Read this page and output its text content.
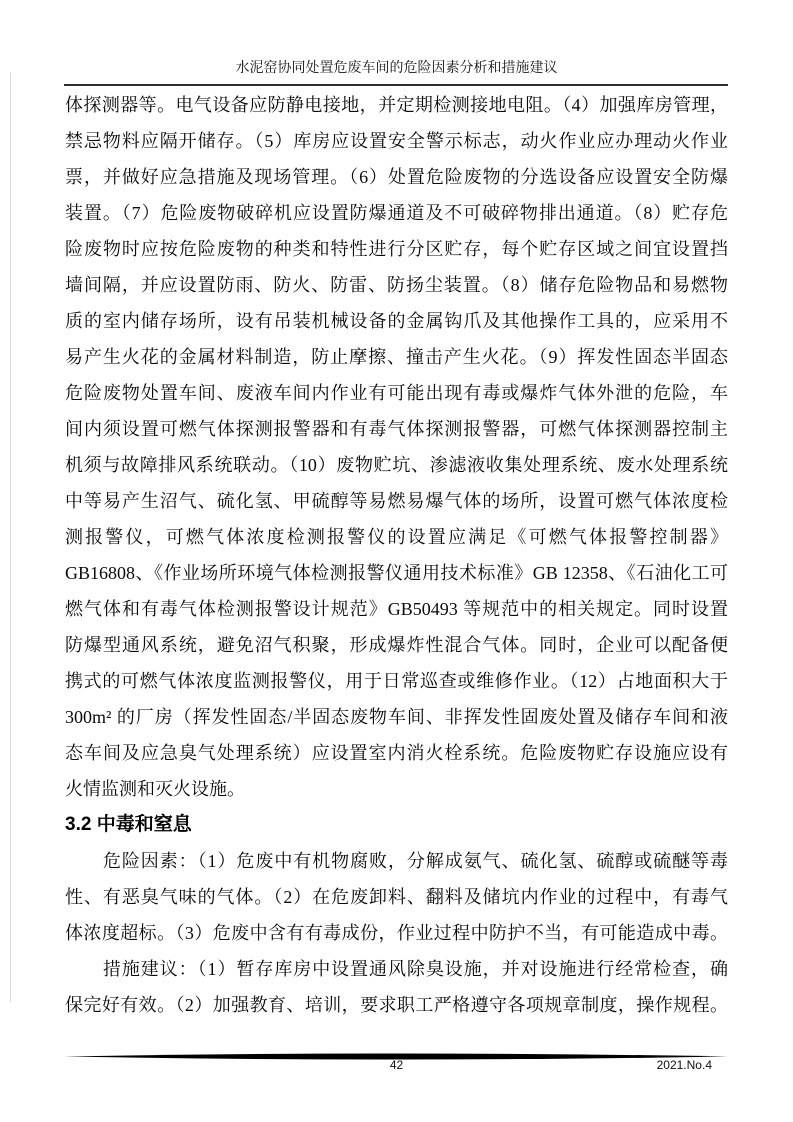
水泥窑协同处置危废车间的危险因素分析和措施建议
体探测器等。电气设备应防静电接地，并定期检测接地电阻。（4）加强库房管理，
禁忌物料应隔开储存。（5）库房应设置安全警示标志，动火作业应办理动火作业
票，并做好应急措施及现场管理。（6）处置危险废物的分选设备应设置安全防爆
装置。（7）危险废物破碎机应设置防爆通道及不可破碎物排出通道。（8）贮存危
险废物时应按危险废物的种类和特性进行分区贮存，每个贮存区域之间宜设置挡
墙间隔，并应设置防雨、防火、防雷、防扬尘装置。（8）储存危险物品和易燃物
质的室内储存场所，设有吊装机械设备的金属钩爪及其他操作工具的，应采用不
易产生火花的金属材料制造，防止摩擦、撞击产生火花。（9）挥发性固态半固态
危险废物处置车间、废液车间内作业有可能出现有毒或爆炸气体外泄的危险，车
间内须设置可燃气体探测报警器和有毒气体探测报警器，可燃气体探测器控制主
机须与故障排风系统联动。（10）废物贮坑、渗滤液收集处理系统、废水处理系统
中等易产生沼气、硫化氢、甲硫醇等易燃易爆气体的场所，设置可燃气体浓度检
测报警仪，可燃气体浓度检测报警仪的设置应满足《可燃气体报警控制器》
GB16808、《作业场所环境气体检测报警仪通用技术标准》GB 12358、《石油化工可
燃气体和有毒气体检测报警设计规范》GB50493 等规范中的相关规定。同时设置
防爆型通风系统，避免沼气积聚，形成爆炸性混合气体。同时，企业可以配备便
携式的可燃气体浓度监测报警仪，用于日常巡查或维修作业。（12）占地面积大于
300m² 的厂房（挥发性固态/半固态废物车间、非挥发性固废处置及储存车间和液
态车间及应急臭气处理系统）应设置室内消火栓系统。危险废物贮存设施应设有
火情监测和灭火设施。
3.2 中毒和窒息
　　危险因素：（1）危废中有机物腐败，分解成氨气、硫化氢、硫醇或硫醚等毒
性、有恶臭气味的气体。（2）在危废卸料、翻料及储坑内作业的过程中，有毒气
体浓度超标。（3）危废中含有有毒成份，作业过程中防护不当，有可能造成中毒。
　　措施建议：（1）暂存库房中设置通风除臭设施，并对设施进行经常检查，确
保完好有效。（2）加强教育、培训，要求职工严格遵守各项规章制度，操作规程。
42	2021.No.4
